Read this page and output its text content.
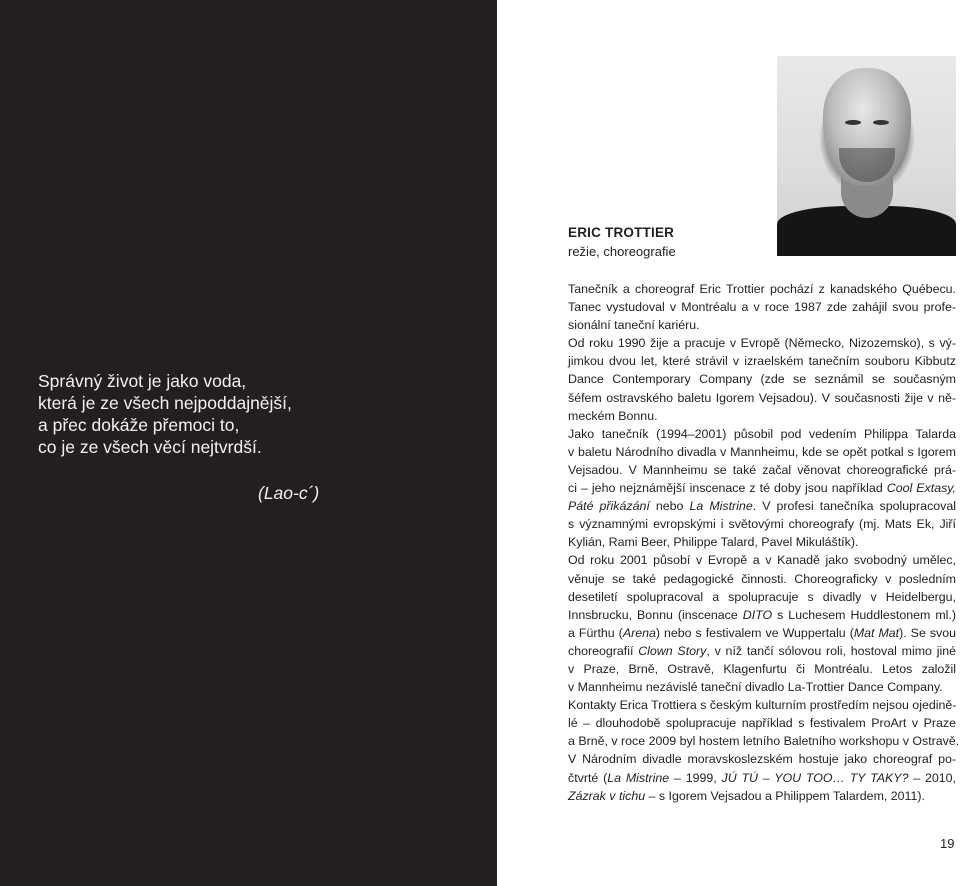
Správný život je jako voda,
která je ze všech nejpoddajnější,
a přec dokáže přemoci to,
co je ze všech věcí nejtvrdší.
(Lao-c´)
ERIC TROTTIER
režie, choreografie
Tanečník a choreograf Eric Trottier pochází z kanadského Québecu.
Tanec vystudoval v Montréalu a v roce 1987 zde zahájil svou profe-
sionální taneční kariéru.
Od roku 1990 žije a pracuje v Evropě (Německo, Nizozemsko), s vý-
jimkou dvou let, které strávil v izraelském tanečním souboru Kibbutz
Dance Contemporary Company (zde se seznámil se současným
šéfem ostravského baletu Igorem Vejsadou). V současnosti žije v ně-
meckém Bonnu.
Jako tanečník (1994–2001) působil pod vedením Philippa Talarda
v baletu Národního divadla v Mannheimu, kde se opět potkal s Igorem
Vejsadou. V Mannheimu se také začal věnovat choreografické prá-
ci – jeho nejznámější inscenace z té doby jsou například Cool Extasy,
Páté přikázání nebo La Mistrine. V profesi tanečníka spolupracoval
s významnými evropskými i světovými choreografy (mj. Mats Ek, Jiří
Kylián, Rami Beer, Philippe Talard, Pavel Mikuláštík).
Od roku 2001 působí v Evropě a v Kanadě jako svobodný umělec,
věnuje se také pedagogické činnosti. Choreograficky v posledním
desetiletí spolupracoval a spolupracuje s divadly v Heidelbergu,
Innsbrucku, Bonnu (inscenace DITO s Luchesem Huddlestonem ml.)
a Fürthu (Arena) nebo s festivalem ve Wuppertalu (Mat Mat). Se svou
choreografií Clown Story, v níž tančí sólovou roli, hostoval mimo jiné
v Praze, Brně, Ostravě, Klagenfurtu či Montréalu. Letos založil
v Mannheimu nezávislé taneční divadlo La-Trottier Dance Company.
Kontakty Erica Trottiera s českým kulturním prostředím nejsou ojedině-
lé – dlouhodobě spolupracuje například s festivalem ProArt v Praze
a Brně, v roce 2009 byl hostem letního Baletního workshopu v Ostravě.
V Národním divadle moravskoslezském hostuje jako choreograf po-
čtvrté (La Mistrine – 1999, JÚ TÚ – YOU TOO… TY TAKY? – 2010,
Zázrak v tichu – s Igorem Vejsadou a Philippem Talardem, 2011).
19
